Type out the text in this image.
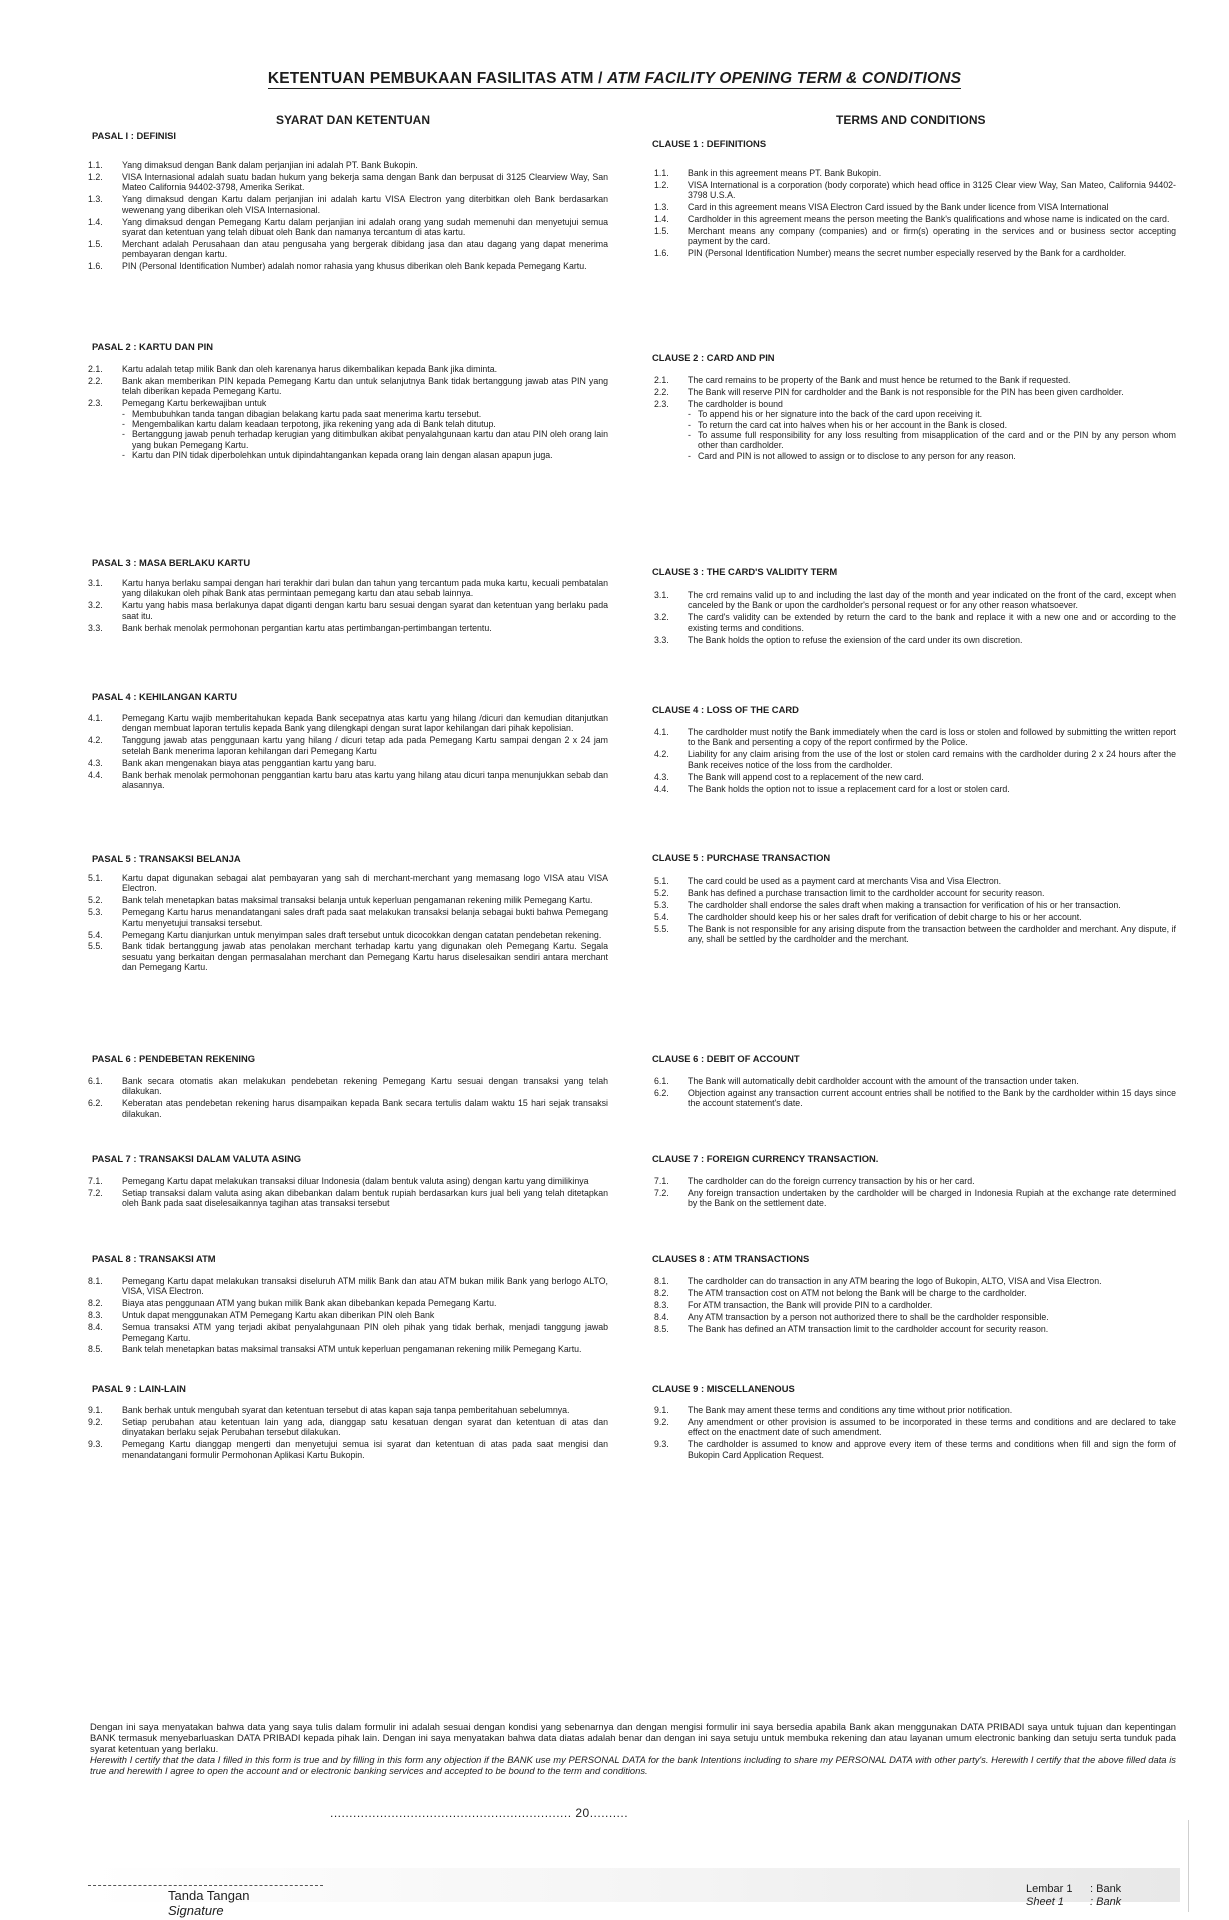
KETENTUAN PEMBUKAAN FASILITAS ATM / ATM FACILITY OPENING TERM & CONDITIONS
SYARAT DAN KETENTUAN	TERMS AND CONDITIONS
PASAL I : DEFINISI
1.1.	Yang dimaksud dengan Bank dalam perjanjian ini adalah PT. Bank Bukopin.
1.2.	VISA Internasional adalah suatu badan hukum yang bekerja sama dengan Bank dan berpusat di 3125 Clearview Way, San Mateo California 94402-3798, Amerika Serikat.
1.3.	Yang dimaksud dengan Kartu dalam perjanjian ini adalah kartu VISA Electron yang diterbitkan oleh Bank berdasarkan wewenang yang diberikan oleh VISA Internasional.
1.4.	Yang dimaksud dengan Pemegang Kartu dalam perjanjian ini adalah orang yang sudah memenuhi dan menyetujui semua syarat dan ketentuan yang telah dibuat oleh Bank dan namanya tercantum di atas kartu.
1.5.	Merchant adalah Perusahaan dan atau pengusaha yang bergerak dibidang jasa dan atau dagang yang dapat menerima pembayaran dengan kartu.
1.6.	PIN (Personal Identification Number) adalah nomor rahasia yang khusus diberikan oleh Bank kepada Pemegang Kartu.
PASAL 2 : KARTU DAN PIN
2.1.	Kartu adalah tetap milik Bank dan oleh karenanya harus dikembalikan kepada Bank jika diminta.
2.2.	Bank akan memberikan PIN kepada Pemegang Kartu dan untuk selanjutnya Bank tidak bertanggung jawab atas PIN yang telah diberikan kepada Pemegang Kartu.
2.3.	Pemegang Kartu berkewajiban untuk
- Membubuhkan tanda tangan dibagian belakang kartu pada saat menerima kartu tersebut.
- Mengembalikan kartu dalam keadaan terpotong, jika rekening yang ada di Bank telah ditutup.
- Bertanggung jawab penuh terhadap kerugian yang ditimbulkan akibat penyalahgunaan kartu dan atau PIN oleh orang lain yang bukan Pemegang Kartu.
- Kartu dan PIN tidak diperbolehkan untuk dipindahtangankan kepada orang lain dengan alasan apapun juga.
PASAL 3 : MASA BERLAKU KARTU
3.1.	Kartu hanya berlaku sampai dengan hari terakhir dari bulan dan tahun yang tercantum pada muka kartu, kecuali pembatalan yang dilakukan oleh pihak Bank atas permintaan pemegang kartu dan atau sebab lainnya.
3.2.	Kartu yang habis masa berlakunya dapat diganti dengan kartu baru sesuai dengan syarat dan ketentuan yang berlaku pada saat itu.
3.3.	Bank berhak menolak permohonan pergantian kartu atas pertimbangan-pertimbangan tertentu.
PASAL 4 : KEHILANGAN KARTU
4.1.	Pemegang Kartu wajib memberitahukan kepada Bank secepatnya atas kartu yang hilang /dicuri dan kemudian ditanjutkan dengan membuat laporan tertulis kepada Bank yang dilengkapi dengan surat lapor kehilangan dari pihak kepolisian.
4.2.	Tanggung jawab atas penggunaan kartu yang hilang / dicuri tetap ada pada Pemegang Kartu sampai dengan 2 x 24 jam setelah Bank menerima laporan kehilangan dari Pemegang Kartu
4.3.	Bank akan mengenakan biaya atas penggantian kartu yang baru.
4.4.	Bank berhak menolak permohonan penggantian kartu baru atas kartu yang hilang atau dicuri tanpa menunjukkan sebab dan alasannya.
PASAL 5 : TRANSAKSI BELANJA
5.1.	Kartu dapat digunakan sebagai alat pembayaran yang sah di merchant-merchant yang memasang logo VISA atau VISA Electron.
5.2.	Bank telah menetapkan batas maksimal transaksi belanja untuk keperluan pengamanan rekening milik Pemegang Kartu.
5.3.	Pemegang Kartu harus menandatangani sales draft pada saat melakukan transaksi belanja sebagai bukti bahwa Pemegang Kartu menyetujui transaksi tersebut.
5.4.	Pemegang Kartu dianjurkan untuk menyimpan sales draft tersebut untuk dicocokkan dengan catatan pendebetan rekening.
5.5.	Bank tidak bertanggung jawab atas penolakan merchant terhadap kartu yang digunakan oleh Pemegang Kartu. Segala sesuatu yang berkaitan dengan permasalahan merchant dan Pemegang Kartu harus diselesaikan sendiri antara merchant dan Pemegang Kartu.
PASAL 6 : PENDEBETAN REKENING
6.1.	Bank secara otomatis akan melakukan pendebetan rekening Pemegang Kartu sesuai dengan transaksi yang telah dilakukan.
6.2.	Keberatan atas pendebetan rekening harus disampaikan kepada Bank secara tertulis dalam waktu 15 hari sejak transaksi dilakukan.
PASAL 7 : TRANSAKSI DALAM VALUTA ASING
7.1.	Pemegang Kartu dapat melakukan transaksi diluar Indonesia (dalam bentuk valuta asing) dengan kartu yang dimilikinya
7.2.	Setiap transaksi dalam valuta asing akan dibebankan dalam bentuk rupiah berdasarkan kurs jual beli yang telah ditetapkan oleh Bank pada saat diselesaikannya tagihan atas transaksi tersebut
PASAL 8 : TRANSAKSI ATM
8.1.	Pemegang Kartu dapat melakukan transaksi diseluruh ATM milik Bank dan atau ATM bukan milik Bank yang berlogo ALTO, VISA, VISA Electron.
8.2.	Biaya atas penggunaan ATM yang bukan milik Bank akan dibebankan kepada Pemegang Kartu.
8.3.	Untuk dapat menggunakan ATM Pemegang Kartu akan diberikan PIN oleh Bank
8.4.	Semua transaksi ATM yang terjadi akibat penyalahgunaan PIN oleh pihak yang tidak berhak, menjadi tanggung jawab Pemegang Kartu.
8.5.	Bank telah menetapkan batas maksimal transaksi ATM untuk keperluan pengamanan rekening milik Pemegang Kartu.
PASAL 9 : LAIN-LAIN
9.1.	Bank berhak untuk mengubah syarat dan ketentuan tersebut di atas kapan saja tanpa pemberitahuan sebelumnya.
9.2.	Setiap perubahan atau ketentuan lain yang ada, dianggap satu kesatuan dengan syarat dan ketentuan di atas dan dinyatakan berlaku sejak Perubahan tersebut dilakukan.
9.3.	Pemegang Kartu dianggap mengerti dan menyetujui semua isi syarat dan ketentuan di atas pada saat mengisi dan menandatangani formulir Permohonan Aplikasi Kartu Bukopin.
CLAUSE 1 : DEFINITIONS
1.1.	Bank in this agreement means PT. Bank Bukopin.
1.2.	VISA International is a corporation (body corporate) which head office in 3125 Clear view Way, San Mateo, California 94402-3798 U.S.A.
1.3.	Card in this agreement means VISA Electron Card issued by the Bank under licence from VISA International
1.4.	Cardholder in this agreement means the person meeting the Bank's qualifications and whose name is indicated on the card.
1.5.	Merchant means any company (companies) and or firm(s) operating in the services and or business sector accepting payment by the card.
1.6.	PIN (Personal Identification Number) means the secret number especially reserved by the Bank for a cardholder.
CLAUSE 2 : CARD AND PIN
2.1.	The card remains to be property of the Bank and must hence be returned to the Bank if requested.
2.2.	The Bank will reserve PIN for cardholder and the Bank is not responsible for the PIN has been given cardholder.
2.3.	The cardholder is bound
- To append his or her signature into the back of the card upon receiving it.
- To return the card cat into halves when his or her account in the Bank is closed.
- To assume full responsibility for any loss resulting from misapplication of the card and or the PIN by any person whom other than cardholder.
- Card and PIN is not allowed to assign or to disclose to any person for any reason.
CLAUSE 3 : THE CARD'S VALIDITY TERM
3.1.	The crd remains valid up to and including the last day of the month and year indicated on the front of the card, except when canceled by the Bank or upon the cardholder's personal request or for any other reason whatsoever.
3.2.	The card's validity can be extended by return the card to the bank and replace it with a new one and or according to the existing terms and conditions.
3.3.	The Bank holds the option to refuse the exiension of the card under its own discretion.
CLAUSE 4 : LOSS OF THE CARD
4.1.	The cardholder must notify the Bank immediately when the card is loss or stolen and followed by submitting the written report to the Bank and persenting a copy of the report confirmed by the Police.
4.2.	Liability for any claim arising from the use of the lost or stolen card remains with the cardholder during 2 x 24 hours after the Bank receives notice of the loss from the cardholder.
4.3.	The Bank will append cost to a replacement of the new card.
4.4.	The Bank holds the option not to issue a replacement card for a lost or stolen card.
CLAUSE 5 : PURCHASE TRANSACTION
5.1.	The card could be used as a payment card at merchants Visa and Visa Electron.
5.2.	Bank has defined a purchase transaction limit to the cardholder account for security reason.
5.3.	The cardholder shall endorse the sales draft when making a transaction for verification of his or her transaction.
5.4.	The cardholder should keep his or her sales draft for verification of debit charge to his or her account.
5.5.	The Bank is not responsible for any arising dispute from the transaction between the cardholder and merchant. Any dispute, if any, shall be settled by the cardholder and the merchant.
CLAUSE 6 : DEBIT OF ACCOUNT
6.1.	The Bank will automatically debit cardholder account with the amount of the transaction under taken.
6.2.	Objection against any transaction current account entries shall be notified to the Bank by the cardholder within 15 days since the account statement's date.
CLAUSE 7 : FOREIGN CURRENCY TRANSACTION.
7.1.	The cardholder can do the foreign currency transaction by his or her card.
7.2.	Any foreign transaction undertaken by the cardholder will be charged in Indonesia Rupiah at the exchange rate determined by the Bank on the settlement date.
CLAUSES 8 : ATM TRANSACTIONS
8.1.	The cardholder can do transaction in any ATM bearing the logo of Bukopin, ALTO, VISA and Visa Electron.
8.2.	The ATM transaction cost on ATM not belong the Bank will be charge to the cardholder.
8.3.	For ATM transaction, the Bank will provide PIN to a cardholder.
8.4.	Any ATM transaction by a person not authorized there to shall be the cardholder responsible.
8.5.	The Bank has defined an ATM transaction limit to the cardholder account for security reason.
CLAUSE 9 : MISCELLANENOUS
9.1.	The Bank may ament these terms and conditions any time without prior notification.
9.2.	Any amendment or other provision is assumed to be incorporated in these terms and conditions and are declared to take effect on the enactment date of such amendment.
9.3.	The cardholder is assumed to know and approve every item of these terms and conditions when fill and sign the form of Bukopin Card Application Request.

Dengan ini saya menyatakan bahwa data yang saya tulis dalam formulir ini adalah sesuai dengan kondisi yang sebenarnya dan dengan mengisi formulir ini saya bersedia apabila Bank akan menggunakan DATA PRIBADI saya untuk tujuan dan kepentingan BANK termasuk menyebarluaskan DATA PRIBADI kepada pihak lain. Dengan ini saya menyatakan bahwa data diatas adalah benar dan dengan ini saya setuju untuk membuka rekening dan atau layanan umum electronic banking dan setuju serta tunduk pada syarat ketentuan yang berlaku.

Herewith I certify that the data I filled in this form is true and by filling in this form any objection if the BANK use my PERSONAL DATA for the bank Intentions including to share my PERSONAL DATA with other party's. Herewith I certify that the above filled data is true and herewith I agree to open the account and or electronic banking services and accepted to be bound to the term and conditions.

............................................................... 20..........
Tanda Tangan
Signature
Lembar 1 : Bank
Sheet 1 : Bank
